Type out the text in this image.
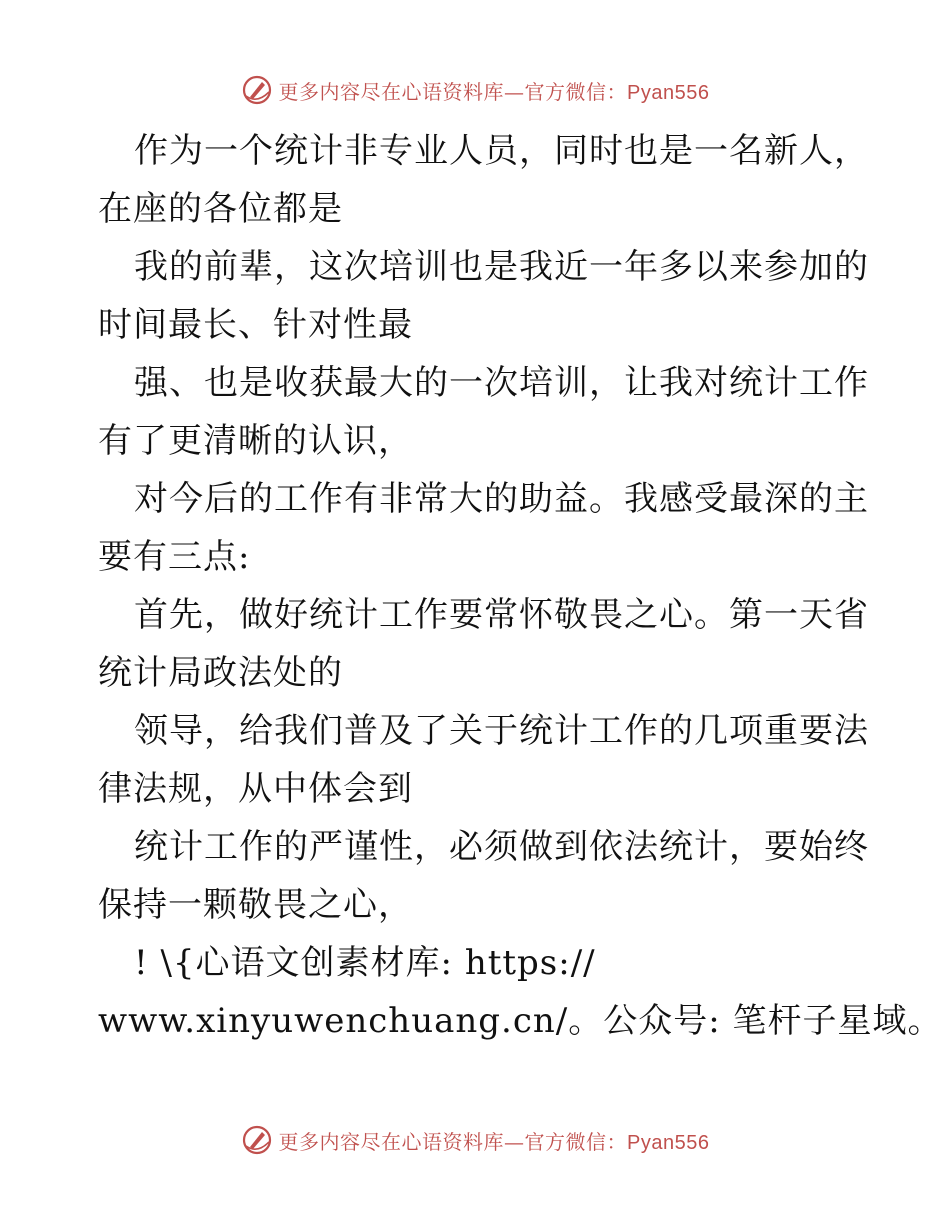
更多内容尽在心语资料库—官方微信：Pyan556

作为一个统计非专业人员，同时也是一名新人，

在座的各位都是

我的前辈，这次培训也是我近一年多以来参加的

时间最长、针对性最

强、也是收获最大的一次培训，让我对统计工作

有了更清晰的认识，

对今后的工作有非常大的助益。我感受最深的主

要有三点:

首先，做好统计工作要常怀敬畏之心。第一天省

统计局政法处的

领导，给我们普及了关于统计工作的几项重要法

律法规，从中体会到

统计工作的严谨性，必须做到依法统计，要始终

保持一颗敬畏之心，

! \{心语文创素材库: https://

www.xinyuwenchuang.cn/。公众号: 笔杆子星域。

更多内容尽在心语资料库—官方微信：Pyan556
